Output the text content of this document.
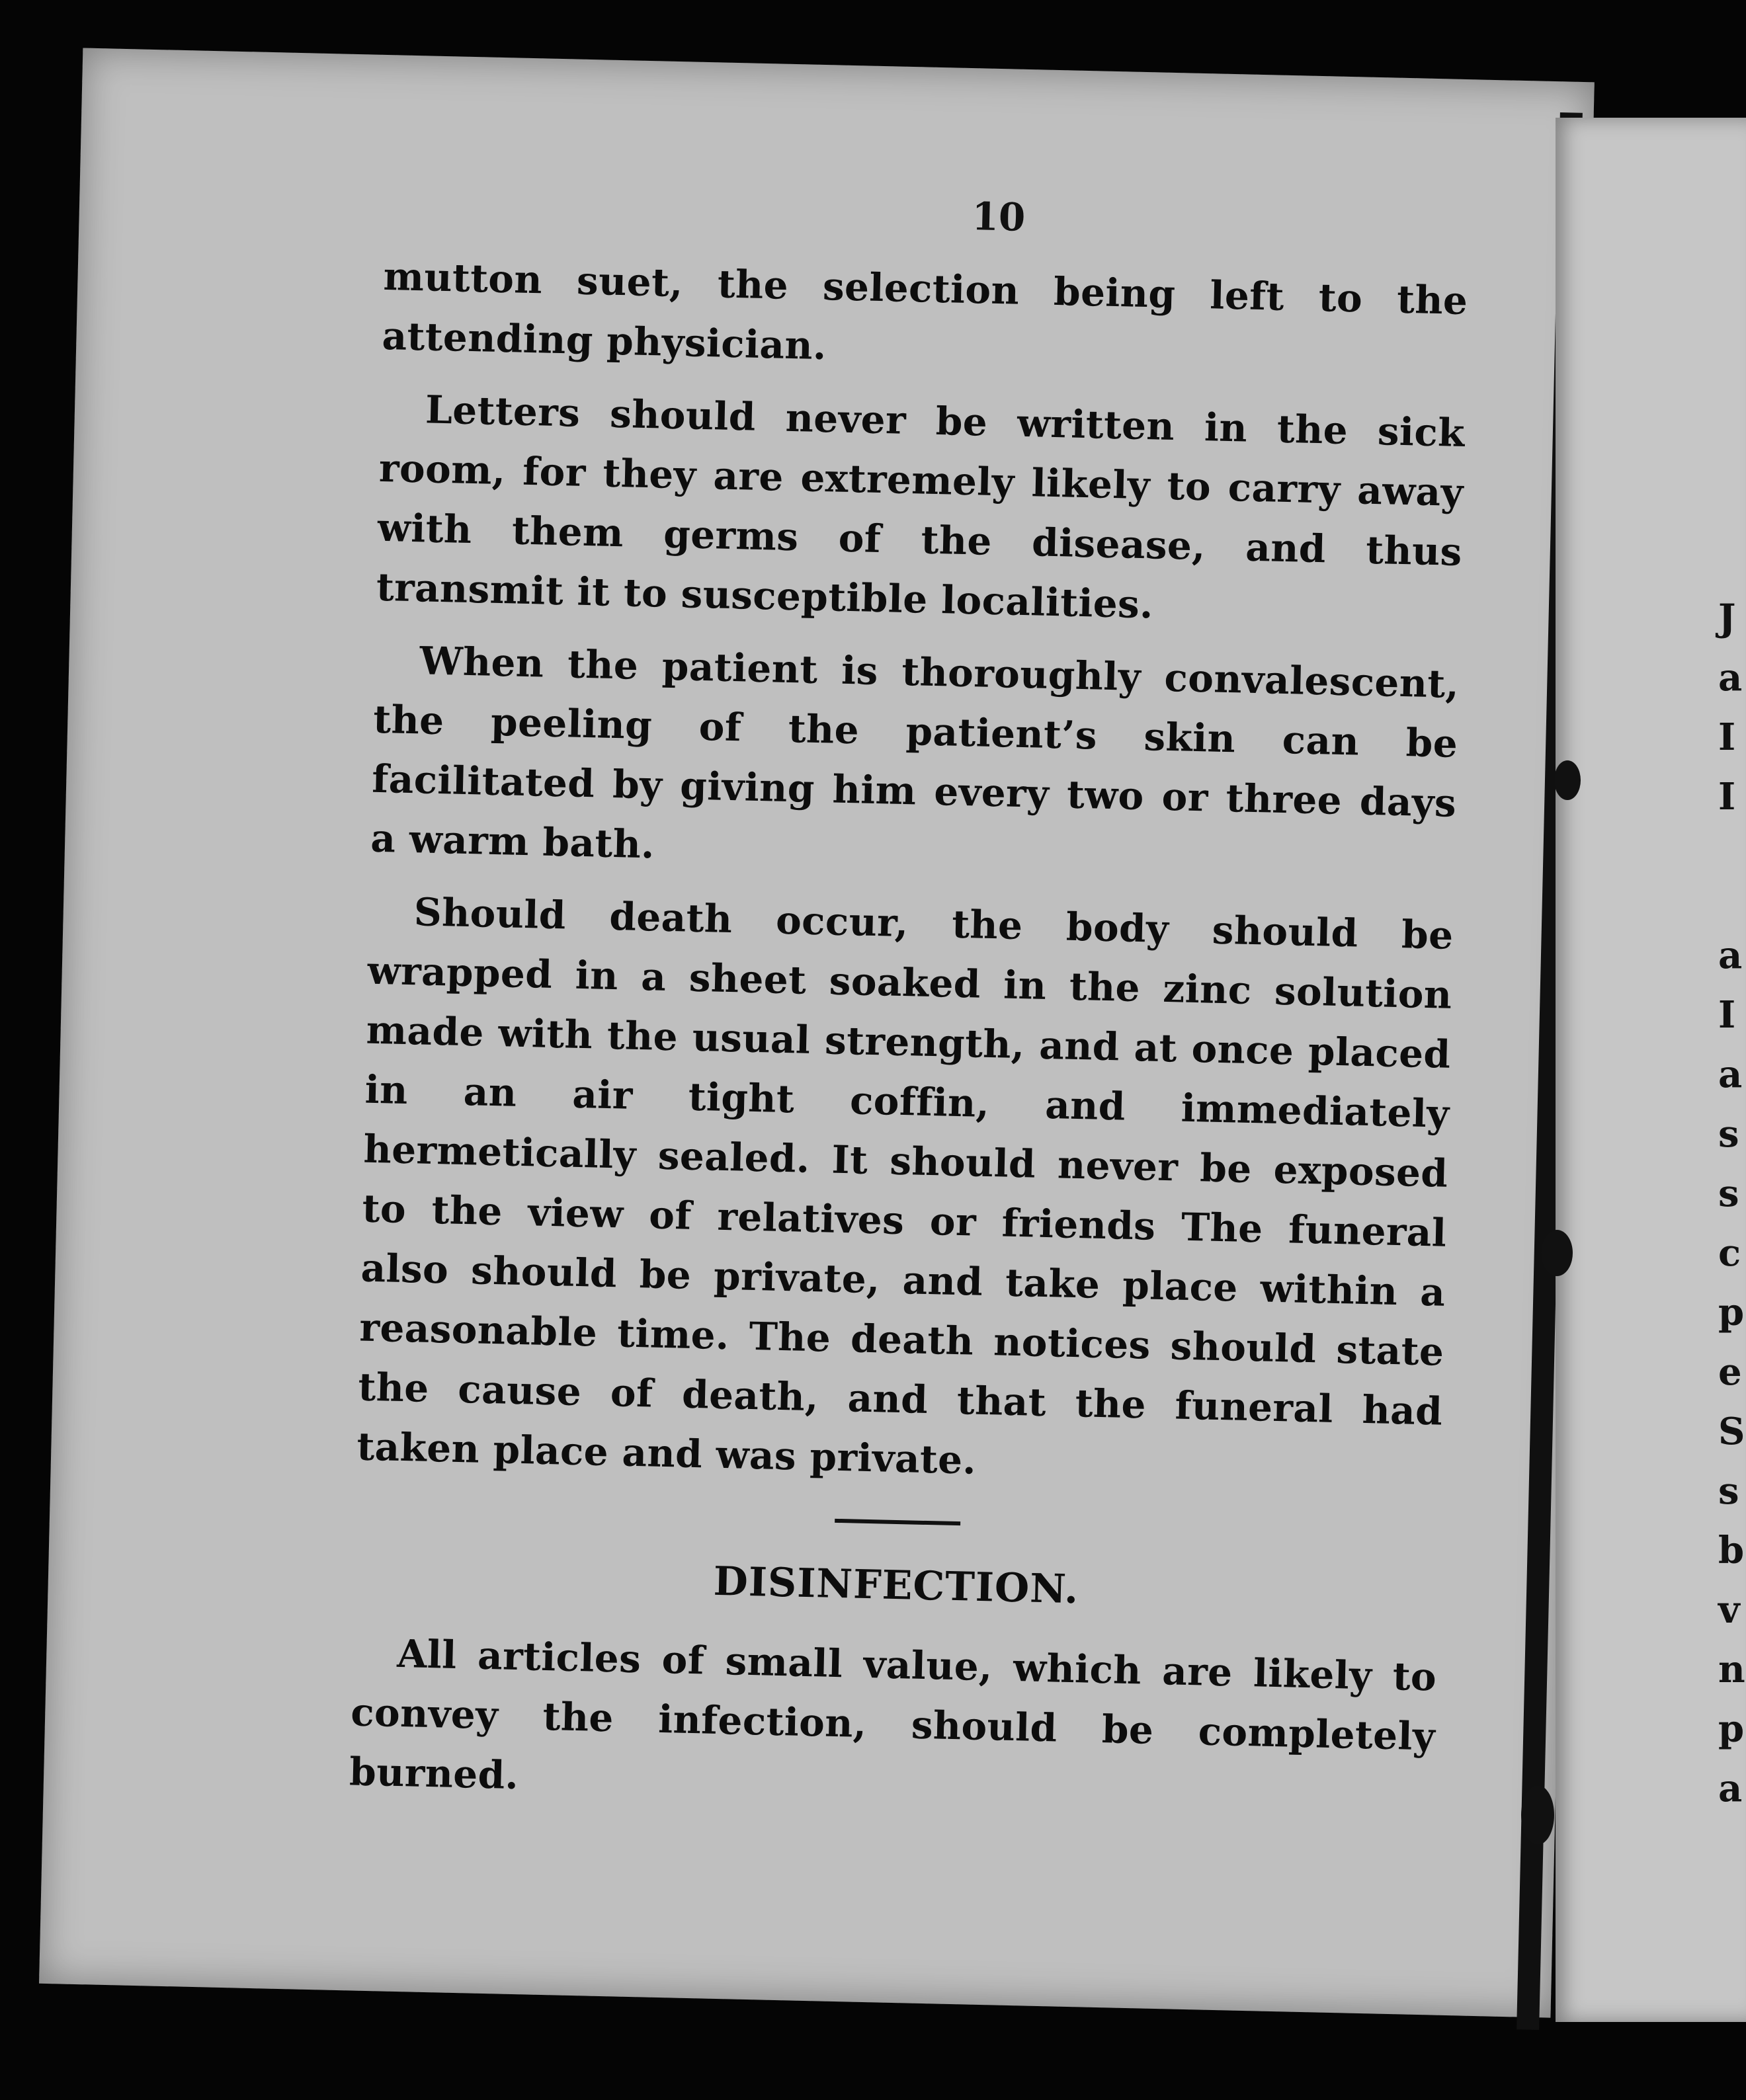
10

mutton suet, the selection being left to the attending physician.

Letters should never be written in the sick room, for they are extremely likely to carry away with them germs of the disease, and thus transmit it to susceptible localities.

When the patient is thoroughly convalescent, the peeling of the patient’s skin can be facilitated by giving him every two or three days a warm bath.

Should death occur, the body should be wrapped in a sheet soaked in the zinc solution made with the usual strength, and at once placed in an air tight coffin, and immediately hermetically sealed. It should never be exposed to the view of relatives or friends The funeral also should be private, and take place within a reasonable time. The death notices should state the cause of death, and that the funeral had taken place and was private.

DISINFECTION.

All articles of small value, which are likely to convey the infection, should be completely burned.

J
a
I
I
a
I
a
s
s
c
p
e
S
s
b
v
n
p
a
